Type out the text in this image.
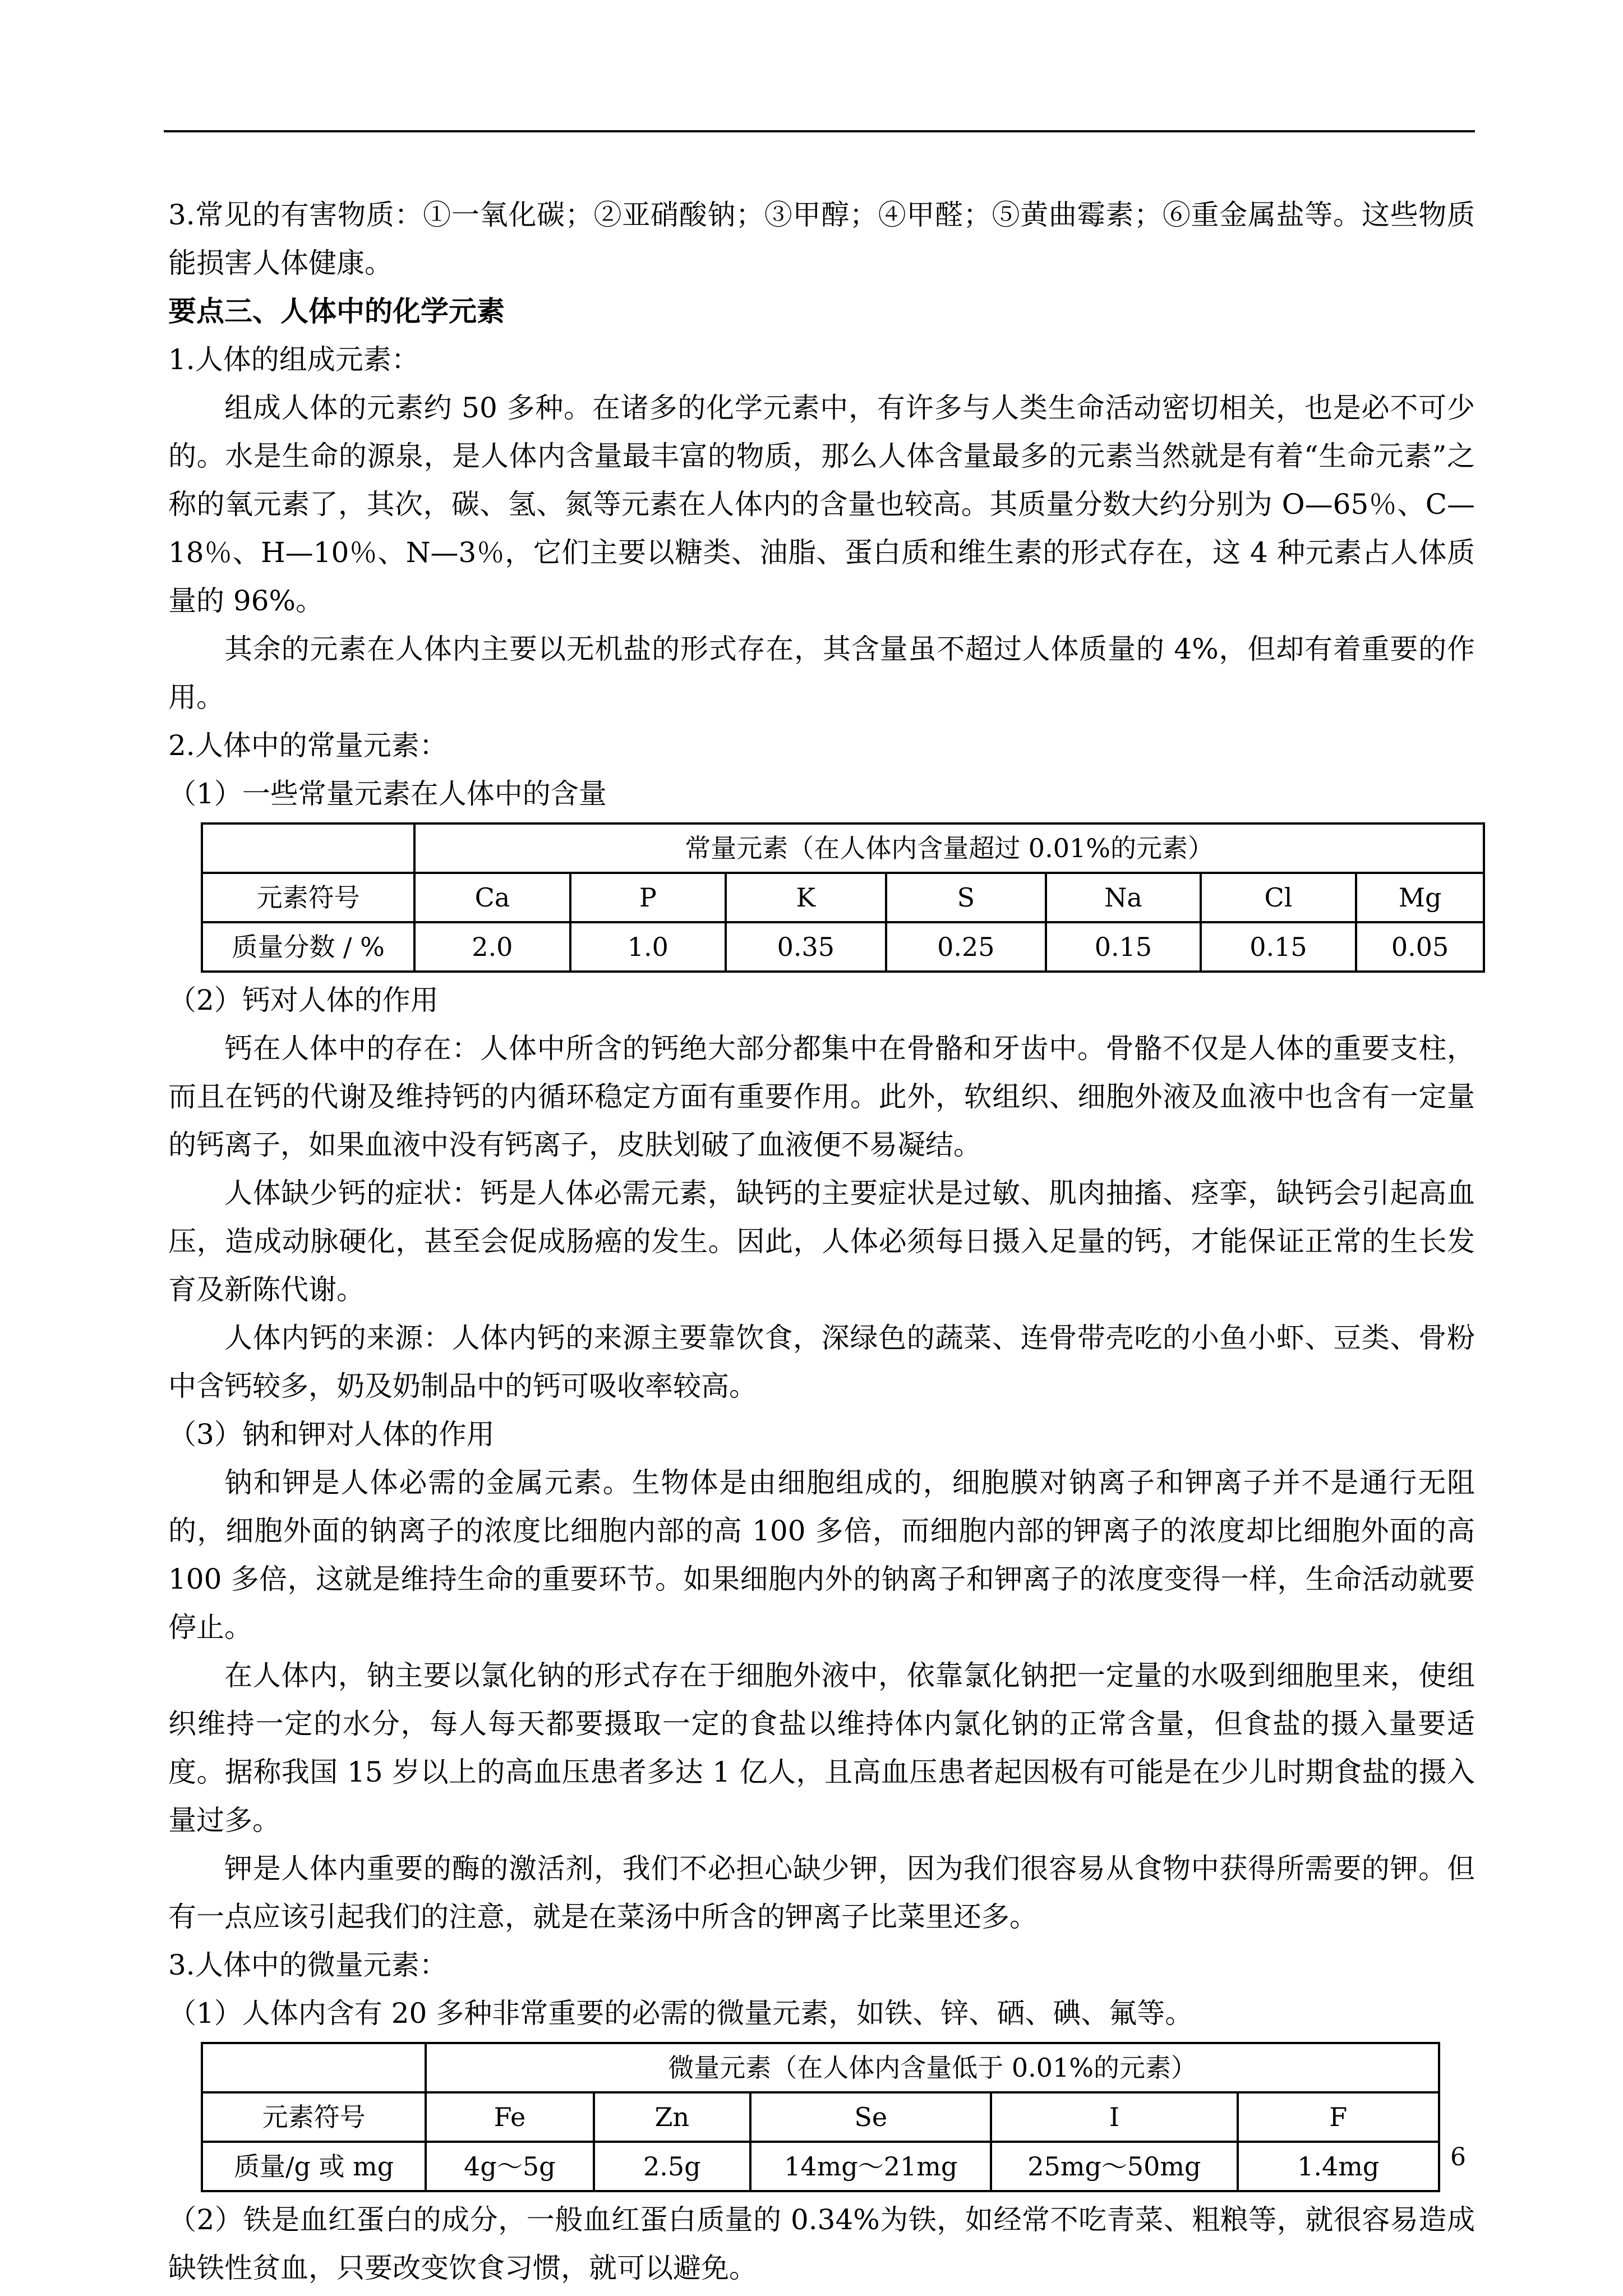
3.常见的有害物质：①一氧化碳；②亚硝酸钠；③甲醇；④甲醛；⑤黄曲霉素；⑥重金属盐等。这些物质能损害人体健康。

要点三、人体中的化学元素

1.人体的组成元素：

组成人体的元素约 50 多种。在诸多的化学元素中，有许多与人类生命活动密切相关，也是必不可少的。水是生命的源泉，是人体内含量最丰富的物质，那么人体含量最多的元素当然就是有着“生命元素”之称的氧元素了，其次，碳、氢、氮等元素在人体内的含量也较高。其质量分数大约分别为 O—65％、C—18％、H—10％、N—3％，它们主要以糖类、油脂、蛋白质和维生素的形式存在，这 4 种元素占人体质量的 96%。

其余的元素在人体内主要以无机盐的形式存在，其含量虽不超过人体质量的 4%，但却有着重要的作用。

2.人体中的常量元素：

（1）一些常量元素在人体中的含量

	常量元素（在人体内含量超过 0.01%的元素）						
元素符号	Ca	P	K	S	Na	Cl	Mg
质量分数 / %	2.0	1.0	0.35	0.25	0.15	0.15	0.05

（2）钙对人体的作用

钙在人体中的存在：人体中所含的钙绝大部分都集中在骨骼和牙齿中。骨骼不仅是人体的重要支柱，而且在钙的代谢及维持钙的内循环稳定方面有重要作用。此外，软组织、细胞外液及血液中也含有一定量的钙离子，如果血液中没有钙离子，皮肤划破了血液便不易凝结。

人体缺少钙的症状：钙是人体必需元素，缺钙的主要症状是过敏、肌肉抽搐、痉挛，缺钙会引起高血压，造成动脉硬化，甚至会促成肠癌的发生。因此，人体必须每日摄入足量的钙，才能保证正常的生长发育及新陈代谢。

人体内钙的来源：人体内钙的来源主要靠饮食，深绿色的蔬菜、连骨带壳吃的小鱼小虾、豆类、骨粉中含钙较多，奶及奶制品中的钙可吸收率较高。

（3）钠和钾对人体的作用

钠和钾是人体必需的金属元素。生物体是由细胞组成的，细胞膜对钠离子和钾离子并不是通行无阻的，细胞外面的钠离子的浓度比细胞内部的高 100 多倍，而细胞内部的钾离子的浓度却比细胞外面的高 100 多倍，这就是维持生命的重要环节。如果细胞内外的钠离子和钾离子的浓度变得一样，生命活动就要停止。

在人体内，钠主要以氯化钠的形式存在于细胞外液中，依靠氯化钠把一定量的水吸到细胞里来，使组织维持一定的水分，每人每天都要摄取一定的食盐以维持体内氯化钠的正常含量，但食盐的摄入量要适度。据称我国 15 岁以上的高血压患者多达 1 亿人，且高血压患者起因极有可能是在少儿时期食盐的摄入量过多。

钾是人体内重要的酶的激活剂，我们不必担心缺少钾，因为我们很容易从食物中获得所需要的钾。但有一点应该引起我们的注意，就是在菜汤中所含的钾离子比菜里还多。

3.人体中的微量元素：

（1）人体内含有 20 多种非常重要的必需的微量元素，如铁、锌、硒、碘、氟等。

	微量元素（在人体内含量低于 0.01%的元素）				
元素符号	Fe	Zn	Se	I	F
质量/g 或 mg	4g～5g	2.5g	14mg～21mg	25mg～50mg	1.4mg

（2）铁是血红蛋白的成分，一般血红蛋白质量的 0.34%为铁，如经常不吃青菜、粗粮等，就很容易造成缺铁性贫血，只要改变饮食习惯，就可以避免。

6
